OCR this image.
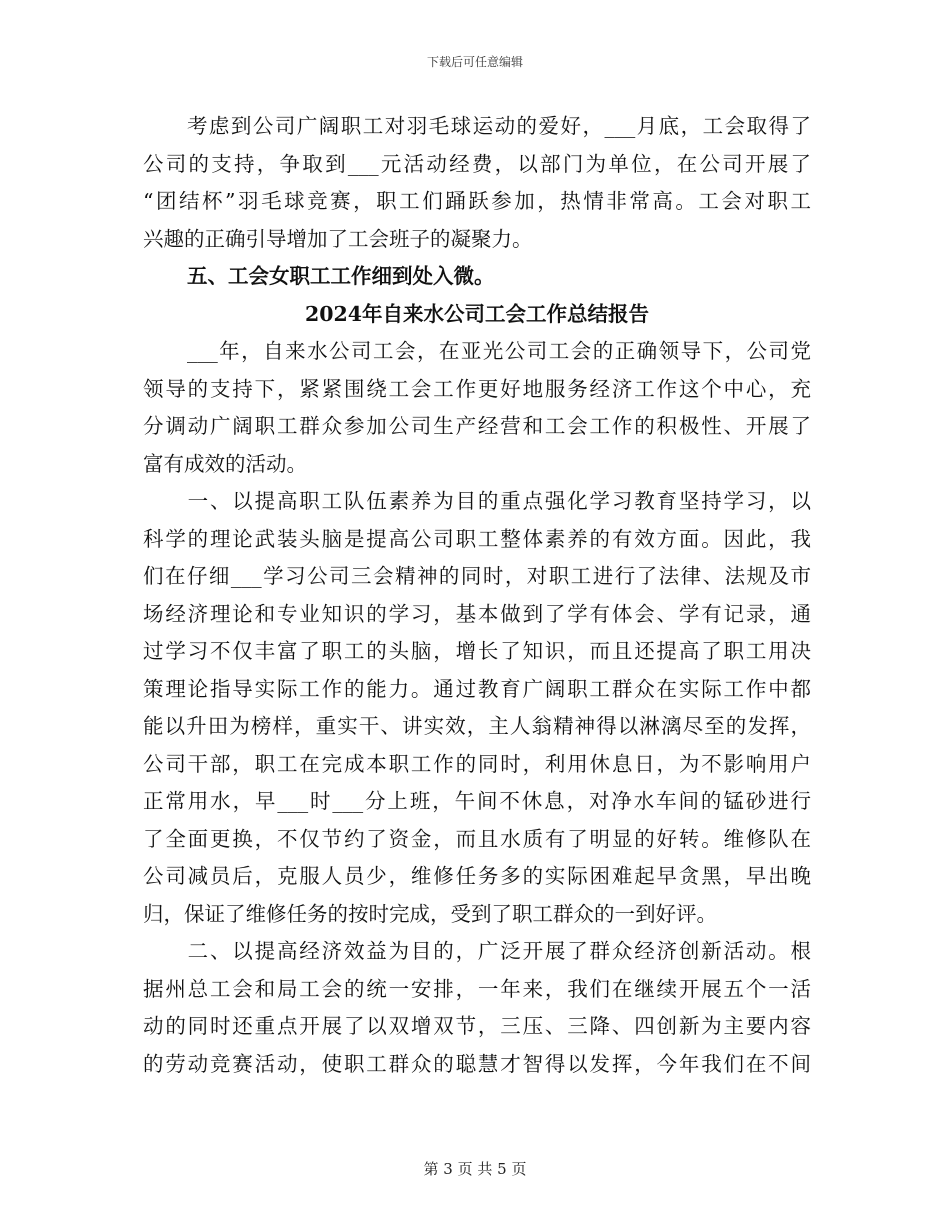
下载后可任意编辑
　　考虑到公司广阔职工对羽毛球运动的爱好，___月底，工会取得了
公司的支持，争取到___元活动经费，以部门为单位，在公司开展了
“团结杯”羽毛球竞赛，职工们踊跃参加，热情非常高。工会对职工
兴趣的正确引导增加了工会班子的凝聚力。
五、工会女职工工作细到处入微。
2024年自来水公司工会工作总结报告
　　___年，自来水公司工会，在亚光公司工会的正确领导下，公司党
领导的支持下，紧紧围绕工会工作更好地服务经济工作这个中心，充
分调动广阔职工群众参加公司生产经营和工会工作的积极性、开展了
富有成效的活动。
　　一、以提高职工队伍素养为目的重点强化学习教育坚持学习，以
科学的理论武装头脑是提高公司职工整体素养的有效方面。因此，我
们在仔细___学习公司三会精神的同时，对职工进行了法律、法规及市
场经济理论和专业知识的学习，基本做到了学有体会、学有记录，通
过学习不仅丰富了职工的头脑，增长了知识，而且还提高了职工用决
策理论指导实际工作的能力。通过教育广阔职工群众在实际工作中都
能以升田为榜样，重实干、讲实效，主人翁精神得以淋漓尽至的发挥，
公司干部，职工在完成本职工作的同时，利用休息日，为不影响用户
正常用水，早___时___分上班，午间不休息，对净水车间的锰砂进行
了全面更换，不仅节约了资金，而且水质有了明显的好转。维修队在
公司减员后，克服人员少，维修任务多的实际困难起早贪黑，早出晚
归，保证了维修任务的按时完成，受到了职工群众的一到好评。
　　二、以提高经济效益为目的，广泛开展了群众经济创新活动。根
据州总工会和局工会的统一安排，一年来，我们在继续开展五个一活
动的同时还重点开展了以双增双节，三压、三降、四创新为主要内容
的劳动竞赛活动，使职工群众的聪慧才智得以发挥，今年我们在不间
第 3 页 共 5 页
